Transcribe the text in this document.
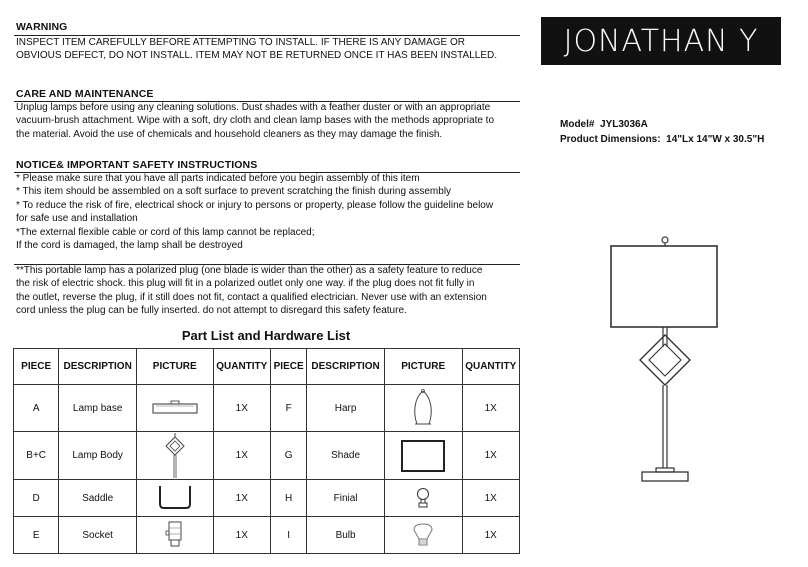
WARNING
INSPECT ITEM CAREFULLY BEFORE ATTEMPTING TO INSTALL. IF THERE IS ANY DAMAGE OR
OBVIOUS DEFECT, DO NOT INSTALL. ITEM MAY NOT BE RETURNED ONCE IT HAS BEEN INSTALLED.	JONATHAN Y
CARE AND MAINTENANCE
Unplug lamps before using any cleaning solutions. Dust shades with a feather duster or with an appropriate
vacuum-brush attachment. Wipe with a soft, dry cloth and clean lamp bases with the methods appropriate to
the material. Avoid the use of chemicals and household cleaners as they may damage the finish.
Model# JYL3036A
Product Dimensions: 14"Lx 14"W x 30.5"H
NOTICE& IMPORTANT SAFETY INSTRUCTIONS
* Please make sure that you have all parts indicated before you begin assembly of this item
* This item should be assembled on a soft surface to prevent scratching the finish during assembly
* To reduce the risk of fire, electrical shock or injury to persons or property, please follow the guideline below
for safe use and installation
*The external flexible cable or cord of this lamp cannot be replaced;
If the cord is damaged, the lamp shall be destroyed
**This portable lamp has a polarized plug (one blade is wider than the other) as a safety feature to reduce
the risk of electric shock. this plug will fit in a polarized outlet only one way. if the plug does not fit fully in
the outlet, reverse the plug, if it still does not fit, contact a qualified electrician. Never use with an extension
cord unless the plug can be fully inserted. do not attempt to disregard this safety feature.
Part List and Hardware List
PIECE	DESCRIPTION	PICTURE	QUANTITY	PIECE	DESCRIPTION	PICTURE	QUANTITY
A	Lamp base		1X	F	Harp		1X
B+C	Lamp Body		1X	G	Shade		1X
D	Saddle		1X	H	Finial		1X
E	Socket		1X	I	Bulb		1X
